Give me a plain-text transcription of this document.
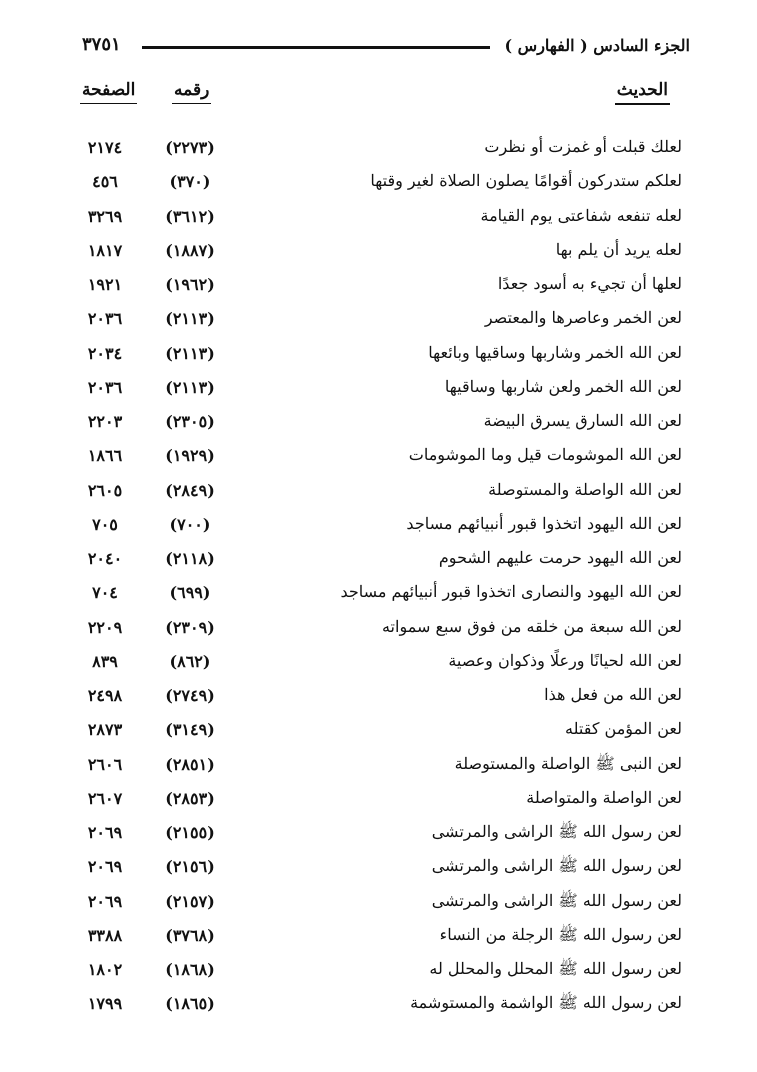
الجزء السادس ( الفهارس )
٣٧٥١
الحديث
رقمه
الصفحة
لعلك قبلت أو غمزت أو نظرت
(٢٢٧٣)
٢١٧٤
لعلكم ستدركون أقوامًا يصلون الصلاة لغير وقتها
(٣٧٠)
٤٥٦
لعله تنفعه شفاعتى يوم القيامة
(٣٦١٢)
٣٢٦٩
لعله يريد أن يلم بها
(١٨٨٧)
١٨١٧
لعلها أن تجيء به أسود جعدًا
(١٩٦٢)
١٩٢١
لعن الخمر وعاصرها والمعتصر
(٢١١٣)
٢٠٣٦
لعن الله الخمر وشاربها وساقيها وبائعها
(٢١١٣)
٢٠٣٤
لعن الله الخمر ولعن شاربها وساقيها
(٢١١٣)
٢٠٣٦
لعن الله السارق يسرق البيضة
(٢٣٠٥)
٢٢٠٣
لعن الله الموشومات قيل وما الموشومات
(١٩٢٩)
١٨٦٦
لعن الله الواصلة والمستوصلة
(٢٨٤٩)
٢٦٠٥
لعن الله اليهود اتخذوا قبور أنبيائهم مساجد
(٧٠٠)
٧٠٥
لعن الله اليهود حرمت عليهم الشحوم
(٢١١٨)
٢٠٤٠
لعن الله اليهود والنصارى اتخذوا قبور أنبيائهم مساجد
(٦٩٩)
٧٠٤
لعن الله سبعة من خلقه من فوق سبع سمواته
(٢٣٠٩)
٢٢٠٩
لعن الله لحيانًا ورعلًا وذكوان وعصية
(٨٦٢)
٨٣٩
لعن الله من فعل هذا
(٢٧٤٩)
٢٤٩٨
لعن المؤمن كقتله
(٣١٤٩)
٢٨٧٣
لعن النبى ﷺ الواصلة والمستوصلة
(٢٨٥١)
٢٦٠٦
لعن الواصلة والمتواصلة
(٢٨٥٣)
٢٦٠٧
لعن رسول الله ﷺ الراشى والمرتشى
(٢١٥٥)
٢٠٦٩
لعن رسول الله ﷺ الراشى والمرتشى
(٢١٥٦)
٢٠٦٩
لعن رسول الله ﷺ الراشى والمرتشى
(٢١٥٧)
٢٠٦٩
لعن رسول الله ﷺ الرجلة من النساء
(٣٧٦٨)
٣٣٨٨
لعن رسول الله ﷺ المحلل والمحلل له
(١٨٦٨)
١٨٠٢
لعن رسول الله ﷺ الواشمة والمستوشمة
(١٨٦٥)
١٧٩٩
